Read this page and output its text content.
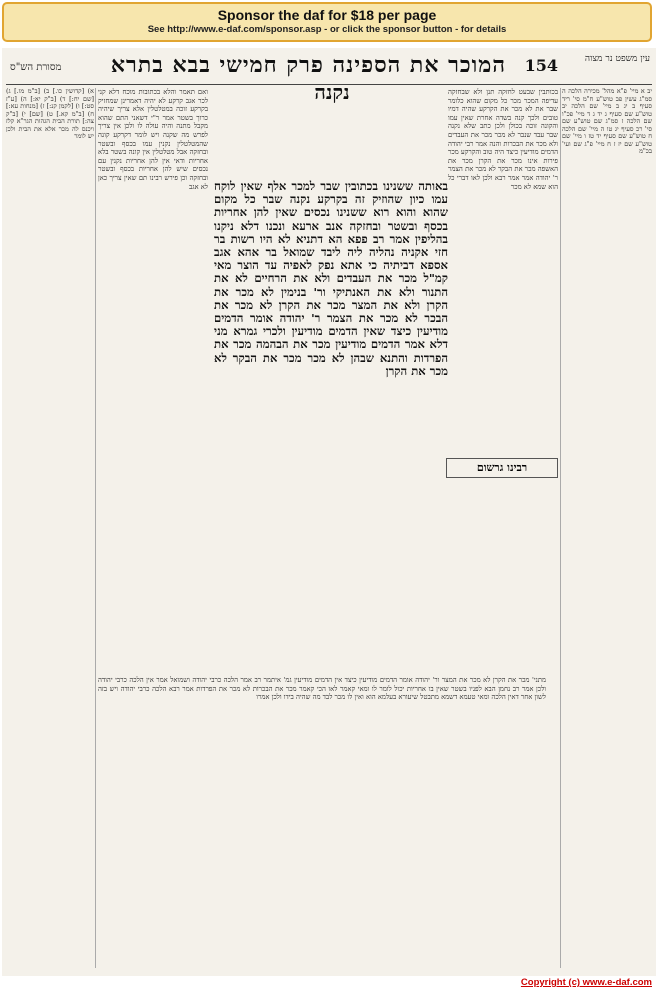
Sponsor the daf for $18 per page
See http://www.e-daf.com/sponsor.asp - or click the sponsor button - for details
עין משפט נר מצוה
154
המוכר את הספינה פרק חמישי בבא בתרא
מסורת הש"ס
יב א מיי' פ"א מהל' מכירה הלכה ה סמ"ג עשין פב טוש"ע ח"מ סי' ריד סעיף ב יג ב מיי' שם הלכה יב טוש"ע שם סעיף ג יד ג ד מיי' פכ"ו שם הלכה ז סמ"ג שם טוש"ע שם סי' רכ סעיף יג טו ה מיי' שם הלכה ח טוש"ע שם סעיף יד טז ו מיי' שם טוש"ע שם יז ז ח מיי' פ"ג שם ועי' בכ"מ
א) [קדושין כו.] ב) [ב"מ מו.] ג) [שם יח:] ד) [ב"ק יא:] ה) [ע"ז סט:] ו) [לקמן קנ:] ז) [מנחות עא:] ח) [ב"מ קא.] ט) [שם] י) [ב"ק צה:] תורת הבית הגהות הגר"א קלז ויכנס לה מכר אלא את הבית ולכן יש לומר
בכותבין שבעט לחזקה תנן ולא שבחזקה עדיפה המכר מכר כל מקום שהוא כלומר שבר את לא מכר את הקרקע שהיה דמיו טובים ולכך קנה בשדה אחרת שאין עמו והקונה זוכה בכולן ולכן כתב שלא נקנה שבר עבד שנבר לא מכר מכר את העבדים ולא מכר את הבכרות והנה אמר רבי יהודה הדמים מודיעין כיצד היה טוב והקרקע מכר פירות אינו מכר את הקרן מכר את האשפה מכר את הבקר לא מכר את הצמר ר' יהודה אמר אמר רבא ולכן לאו דברי כל הוא שמא לא מכר
רבינו גרשום
ואם תאמר והלא בכתובות מוכח דלא קני לכר אגב קרקע לא יהיה דאמרינן שמחזיק בקרקע זוכה במטלטלין אלא צריך שיהיה כרוך בשטר אמר ר"י דשאני התם שהוא מקבל מתנה והיה עולה לו ולכן אין צריך לפרש מה שקנה ויש לומר דקרקע קונה שהמטלטלין נקנין עמו בכסף ובשטר ובחזקה אבל מטלטלין אין קונה בשטר בלא אחריות ודאי אין להן אחריות נקנין עם נכסים שיש להן אחריות בכסף ובשטר ובחזקה וכן פירש רבינו תם שאין צריך כאן לא אגב
נקנה
באותה ששנינו בכתובין שבר למכר אלף שאין לוקח עמו כיון שהוזיק זה בקרקע נקנה שבר כל מקום שהוא והוא רוא ששנינו נכסים שאין להן אחריות בכסף ובשטר ובחזקה אנב ארעא ונכנו דלא ניקנו בהליפין אמר רב פפא הא דתניא לא היו רשות בר חזי אקניה נהליה ליה ליבד שמואל בר אהא אגב אספא דביתיה כי אתא נפק לאפיה עד הוצר מאי קמ"ל מכר את העבדים ולא את הרחיים לא את התנור ולא את האנתיקי ור' בנימין לא מכר את הקרן ולא את המצר מכר את הקרן לא מכר את הבכר לא מכר את הצמר ר' יהודה אומר הדמים מודיעין כיצד שאין הדמים מודיעין ולכרי גמרא מני דלא אמר הדמים מודיעין מכר את הבהמה מכר את הפרדות והתנא שבהן לא מכר מכר את הבקר לא מכר את הקרן
מתני' מכר את הקרן לא מכר את המצר ור' יהודה אומר הדמים מודיעין כיצד אין הדמים מודיעין גמ' איתמר רב אמר הלכה כרבי יהודה ושמואל אמר אין הלכה כרבי יהודה ולכן אמר רב נחמן הבא לפניו בשטר שאין בו אחריות יכול לומר לו ומאי קאמר לאו הכי קאמר מכר את הבכרות לא מכר את הפרדות אמר רבא הלכה כרבי יהודה ויש בזה לשון אחר דאין הלכה ומאי טעמא דשמא מתבטל שיעורא בעלמא הוא ואין לו מכר לבד מה שהיה בידו ולכן אמרו
Copyright (c) www.e-daf.com
